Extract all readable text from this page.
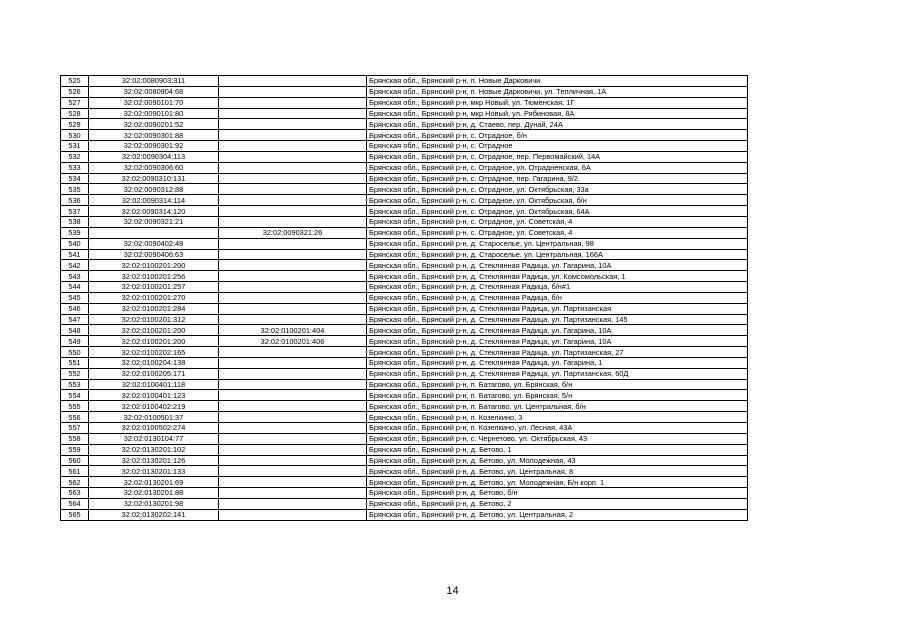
525	32:02:0080903:311		Брянская обл., Брянский р-н, п. Новые Дарковичи
526	32:02:0080904:68		Брянская обл., Брянский р-н, п. Новые Дарковичи, ул. Тепличная, 1А
527	32:02:0090101:70		Брянская обл., Брянский р-н, мкр Новый, ул. Тюменская, 1Г
528	32:02:0090101:80		Брянская обл., Брянский р-н, мкр Новый, ул. Рябиновая, 8А
529	32:02:0090201:52		Брянская обл., Брянский р-н, д. Стаево, пер. Дунай, 24А
530	32:02:0090301:88		Брянская обл., Брянский р-н, с. Отрадное, б/н
531	32:02:0090301:92		Брянская обл., Брянский р-н, с. Отрадное
532	32:02:0090304:113		Брянская обл., Брянский р-н, с. Отрадное, пер. Первомайский, 14А
533	32:02:0090306:60		Брянская обл., Брянский р-н, с. Отрадное, ул. Отрадненская, 6А
534	32:02:0090310:131		Брянская обл., Брянский р-н, с. Отрадное, пер. Гагарина, 9/2
535	32:02:0090312:88		Брянская обл., Брянский р-н, с. Отрадное, ул. Октябрьская, 33а
536	32:02:0090314:114		Брянская обл., Брянский р-н, с. Отрадное, ул. Октябрьская, б/н
537	32:02:0090314:120		Брянская обл., Брянский р-н, с. Отрадное, ул. Октябрьская, 64А
538	32:02:0090321:21		Брянская обл., Брянский р-н, с. Отрадное, ул. Советская, 4
539		32:02:0090321:26	Брянская обл., Брянский р-н, с. Отрадное, ул. Советская, 4
540	32:02:0090402:48		Брянская обл., Брянский р-н, д. Староселье, ул. Центральная, 98
541	32:02:0090406:63		Брянская обл., Брянский р-н, д. Староселье, ул. Центральная, 166А
542	32:02:0100201:200		Брянская обл., Брянский р-н, д. Стеклянная Радица, ул. Гагарина, 10А
543	32:02:0100201:256		Брянская обл., Брянский р-н, д. Стеклянная Радица, ул. Комсомольская, 1
544	32:02:0100201:257		Брянская обл., Брянский р-н, д. Стеклянная Радица, б/н#1
545	32:02:0100201:270		Брянская обл., Брянский р-н, д. Стеклянная Радица, б/н
546	32:02:0100201:284		Брянская обл., Брянский р-н, д. Стеклянная Радица, ул. Партизанская
547	32:02:0100201:312		Брянская обл., Брянский р-н, д. Стеклянная Радица, ул. Партизанская, 145
548	32:02:0100201:200	32:02:0100201:404	Брянская обл., Брянский р-н, д. Стеклянная Радица, ул. Гагарина, 10А
549	32:02:0100201:200	32:02:0100201:406	Брянская обл., Брянский р-н, д. Стеклянная Радица, ул. Гагарина, 10А
550	32:02:0100202:165		Брянская обл., Брянский р-н, д. Стеклянная Радица, ул. Партизанская, 27
551	32:02:0100204:138		Брянская обл., Брянский р-н, д. Стеклянная Радица, ул. Гагарина, 1
552	32:02:0100205:171		Брянская обл., Брянский р-н, д. Стеклянная Радица, ул. Партизанская, 60Д
553	32:02:0100401:118		Брянская обл., Брянский р-н, п. Батагово, ул. Брянская, б/н
554	32:02:0100401:123		Брянская обл., Брянский р-н, п. Батагово, ул. Брянская, 5/н
555	32:02:0100402:219		Брянская обл., Брянский р-н, п. Батагово, ул. Центральная, б/н
556	32:02:0100501:37		Брянская обл., Брянский р-н, п. Козелкино, 3
557	32:02:0100502:274		Брянская обл., Брянский р-н, п. Козелкино, ул. Лесная, 43А
558	32:02:0130104:77		Брянская обл., Брянский р-н, с. Чернетово, ул. Октябрьская, 43
559	32:02:0130201:102		Брянская обл., Брянский р-н, д. Бетово, 1
560	32:02:0130201:126		Брянская обл., Брянский р-н, д. Бетово, ул. Молодежная, 43
561	32:02:0130201:133		Брянская обл., Брянский р-н, д. Бетово, ул. Центральная, 8
562	32:02:0130201:69		Брянская обл., Брянский р-н, д. Бетово, ул. Молодежная, Б/н корп. 1
563	32:02:0130201:88		Брянская обл., Брянский р-н, д. Бетово, б/н
564	32:02:0130201:98		Брянская обл., Брянский р-н, д. Бетово, 2
565	32:02:0130202:141		Брянская обл., Брянский р-н, д. Бетово, ул. Центральная, 2
14
